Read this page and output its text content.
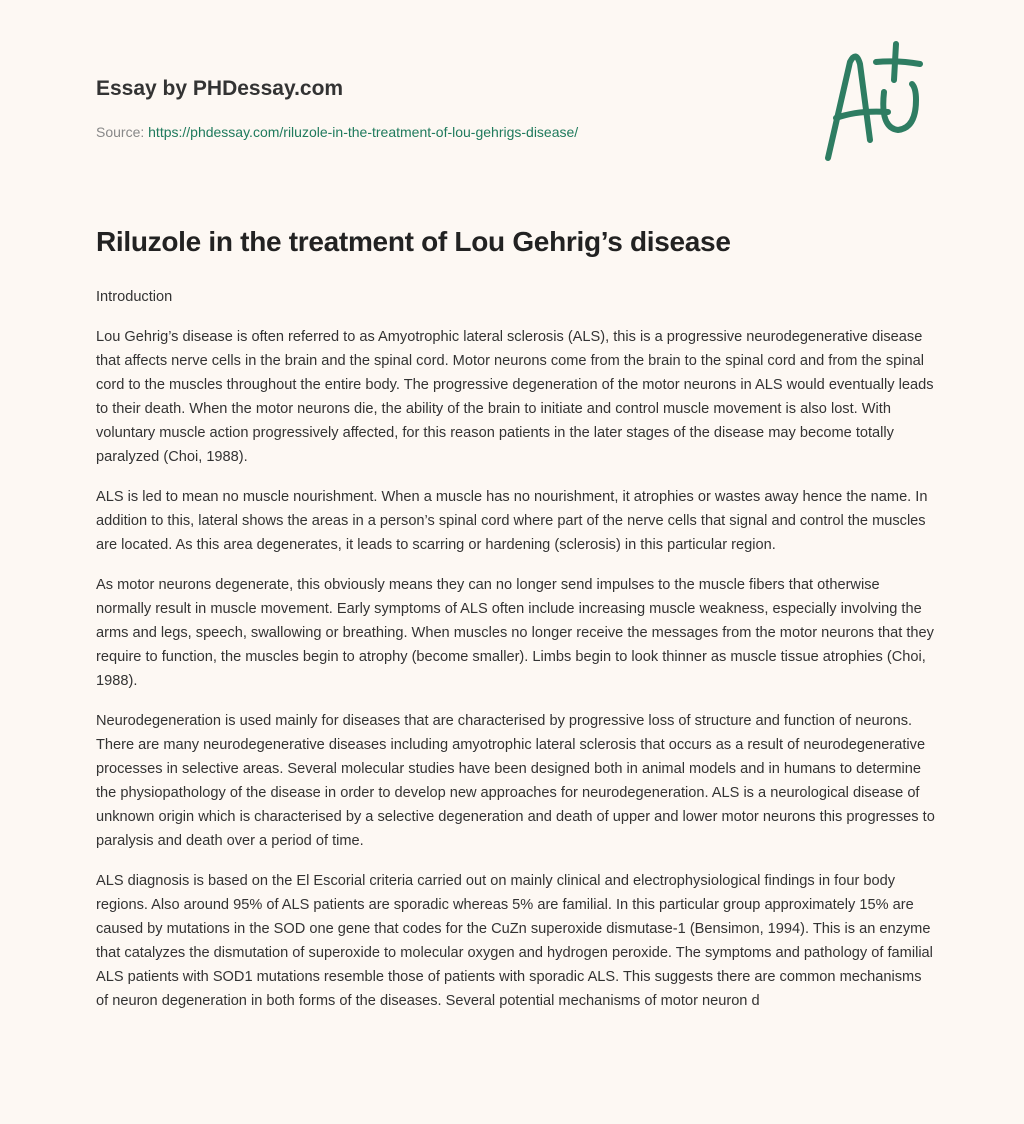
Essay by PHDessay.com
Source: https://phdessay.com/riluzole-in-the-treatment-of-lou-gehrigs-disease/
Riluzole in the treatment of Lou Gehrig’s disease

Introduction

Lou Gehrig’s disease is often referred to as Amyotrophic lateral sclerosis (ALS), this is a progressive neurodegenerative disease that affects nerve cells in the brain and the spinal cord. Motor neurons come from the brain to the spinal cord and from the spinal cord to the muscles throughout the entire body. The progressive degeneration of the motor neurons in ALS would eventually leads to their death. When the motor neurons die, the ability of the brain to initiate and control muscle movement is also lost. With voluntary muscle action progressively affected, for this reason patients in the later stages of the disease may become totally paralyzed (Choi, 1988).

ALS is led to mean no muscle nourishment. When a muscle has no nourishment, it atrophies or wastes away hence the name. In addition to this, lateral shows the areas in a person’s spinal cord where part of the nerve cells that signal and control the muscles are located. As this area degenerates, it leads to scarring or hardening (sclerosis) in this particular region.

As motor neurons degenerate, this obviously means they can no longer send impulses to the muscle fibers that otherwise normally result in muscle movement. Early symptoms of ALS often include increasing muscle weakness, especially involving the arms and legs, speech, swallowing or breathing. When muscles no longer receive the messages from the motor neurons that they require to function, the muscles begin to atrophy (become smaller). Limbs begin to look thinner as muscle tissue atrophies (Choi, 1988).

Neurodegeneration is used mainly for diseases that are characterised by progressive loss of structure and function of neurons. There are many neurodegenerative diseases including amyotrophic lateral sclerosis that occurs as a result of neurodegenerative processes in selective areas. Several molecular studies have been designed both in animal models and in humans to determine the physiopathology of the disease in order to develop new approaches for neurodegeneration. ALS is a neurological disease of unknown origin which is characterised by a selective degeneration and death of upper and lower motor neurons this progresses to paralysis and death over a period of time.

ALS diagnosis is based on the El Escorial criteria carried out on mainly clinical and electrophysiological findings in four body regions. Also around 95% of ALS patients are sporadic whereas 5% are familial. In this particular group approximately 15% are caused by mutations in the SOD one gene that codes for the CuZn superoxide dismutase-1 (Bensimon, 1994). This is an enzyme that catalyzes the dismutation of superoxide to molecular oxygen and hydrogen peroxide. The symptoms and pathology of familial ALS patients with SOD1 mutations resemble those of patients with sporadic ALS. This suggests there are common mechanisms of neuron degeneration in both forms of the diseases. Several potential mechanisms of motor neuron d
